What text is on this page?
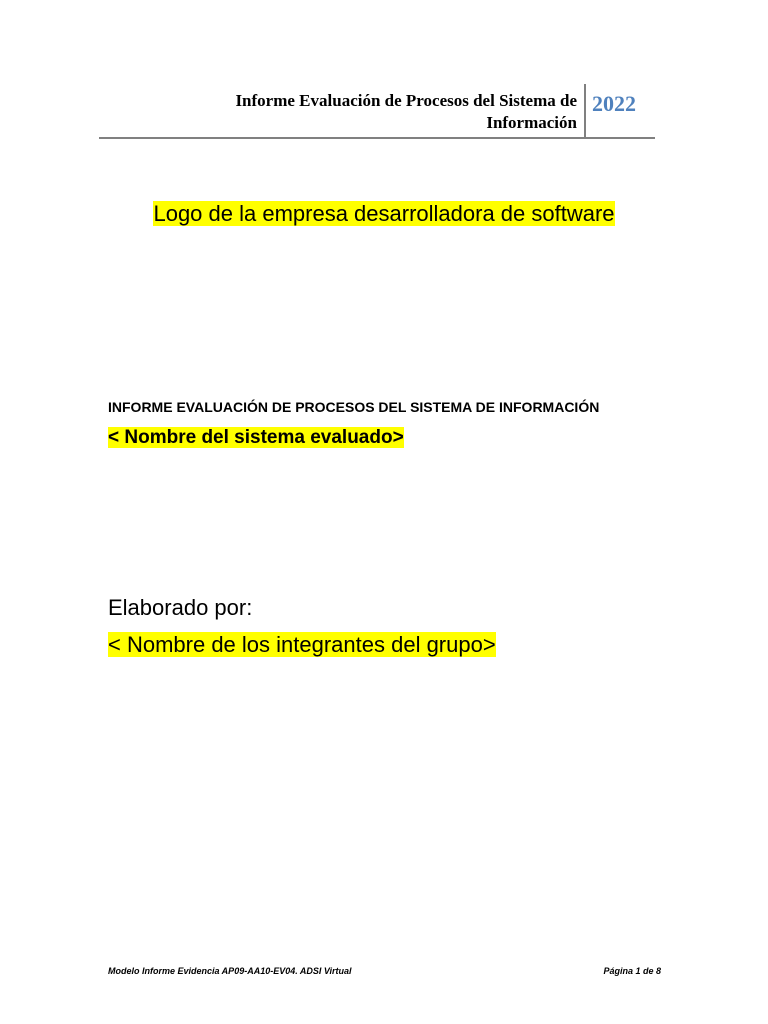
Informe Evaluación de Procesos del Sistema de
Información
2022
Logo de la empresa desarrolladora de software
INFORME EVALUACIÓN DE PROCESOS DEL SISTEMA DE INFORMACIÓN
< Nombre del sistema evaluado>
Elaborado por:
< Nombre de los integrantes del grupo>
Modelo Informe Evidencia AP09-AA10-EV04. ADSI Virtual	Página 1 de 8
